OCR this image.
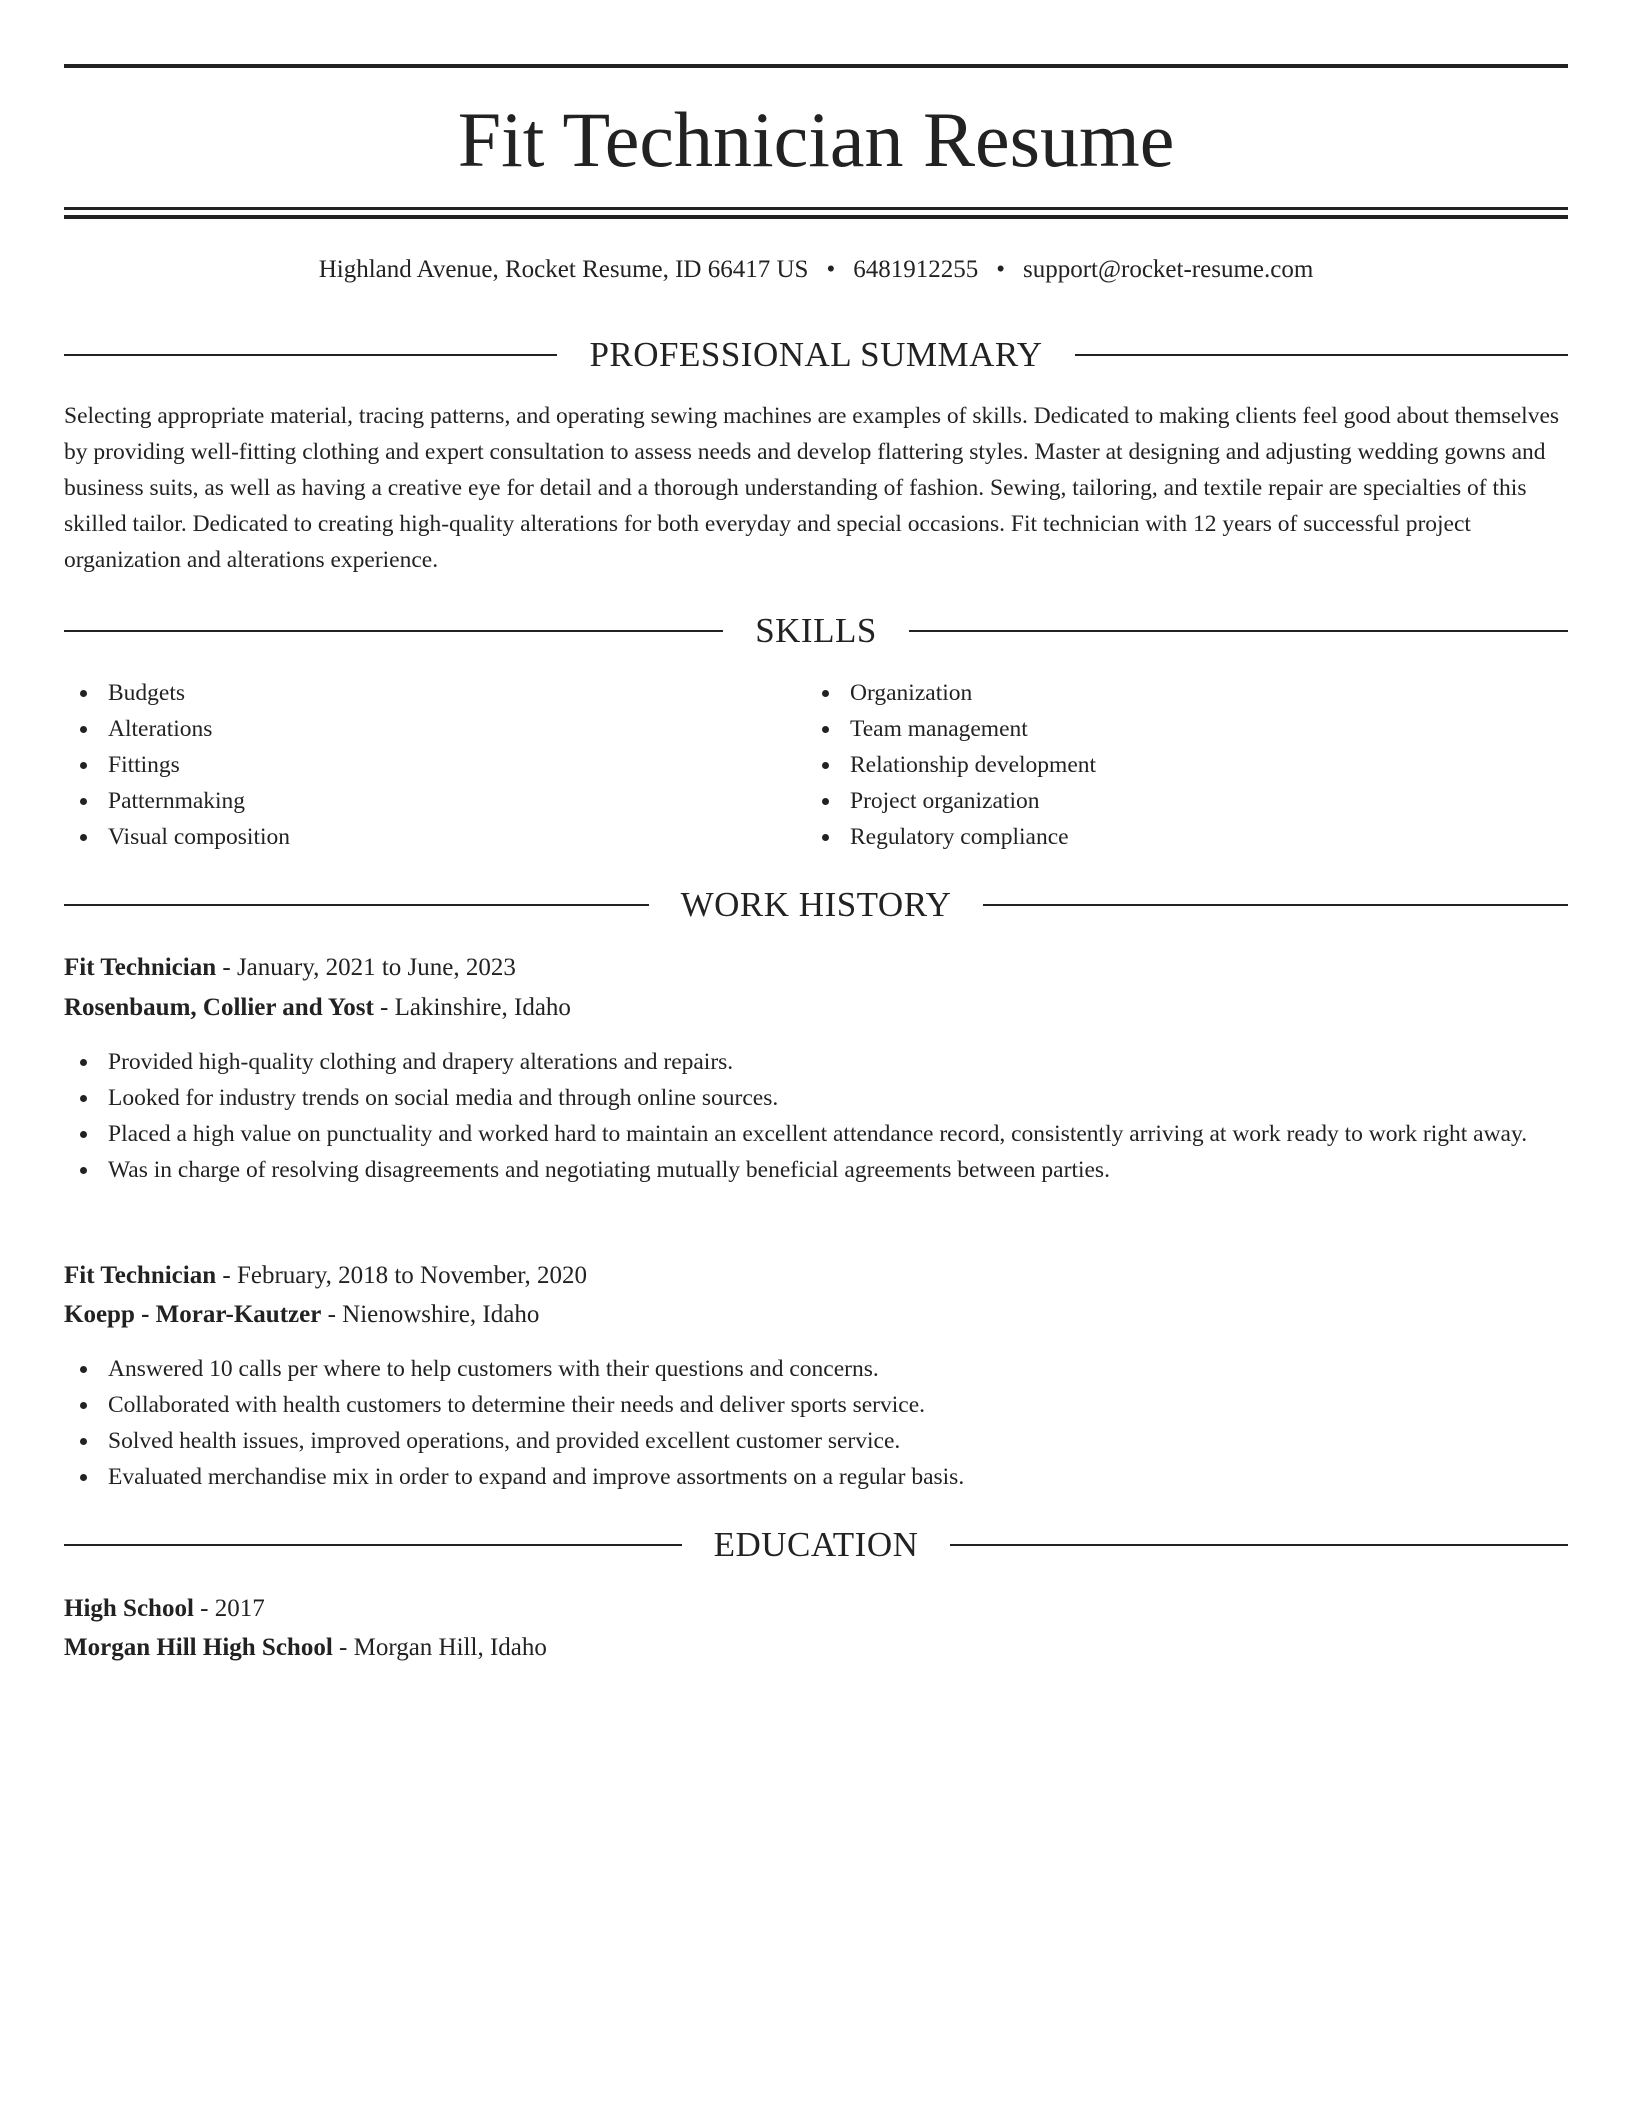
Fit Technician Resume
Highland Avenue, Rocket Resume, ID 66417 US • 6481912255 • support@rocket-resume.com
PROFESSIONAL SUMMARY

Selecting appropriate material, tracing patterns, and operating sewing machines are examples of skills. Dedicated to making clients feel good about themselves by providing well-fitting clothing and expert consultation to assess needs and develop flattering styles. Master at designing and adjusting wedding gowns and business suits, as well as having a creative eye for detail and a thorough understanding of fashion. Sewing, tailoring, and textile repair are specialties of this skilled tailor. Dedicated to creating high-quality alterations for both everyday and special occasions. Fit technician with 12 years of successful project organization and alterations experience.

SKILLS
Budgets
Alterations
Fittings
Patternmaking
Visual composition
Organization
Team management
Relationship development
Project organization
Regulatory compliance
WORK HISTORY
Fit Technician - January, 2021 to June, 2023
Rosenbaum, Collier and Yost - Lakinshire, Idaho
Provided high-quality clothing and drapery alterations and repairs.
Looked for industry trends on social media and through online sources.
Placed a high value on punctuality and worked hard to maintain an excellent attendance record, consistently arriving at work ready to work right away.
Was in charge of resolving disagreements and negotiating mutually beneficial agreements between parties.
Fit Technician - February, 2018 to November, 2020
Koepp - Morar-Kautzer - Nienowshire, Idaho
Answered 10 calls per where to help customers with their questions and concerns.
Collaborated with health customers to determine their needs and deliver sports service.
Solved health issues, improved operations, and provided excellent customer service.
Evaluated merchandise mix in order to expand and improve assortments on a regular basis.
EDUCATION
High School - 2017
Morgan Hill High School - Morgan Hill, Idaho
